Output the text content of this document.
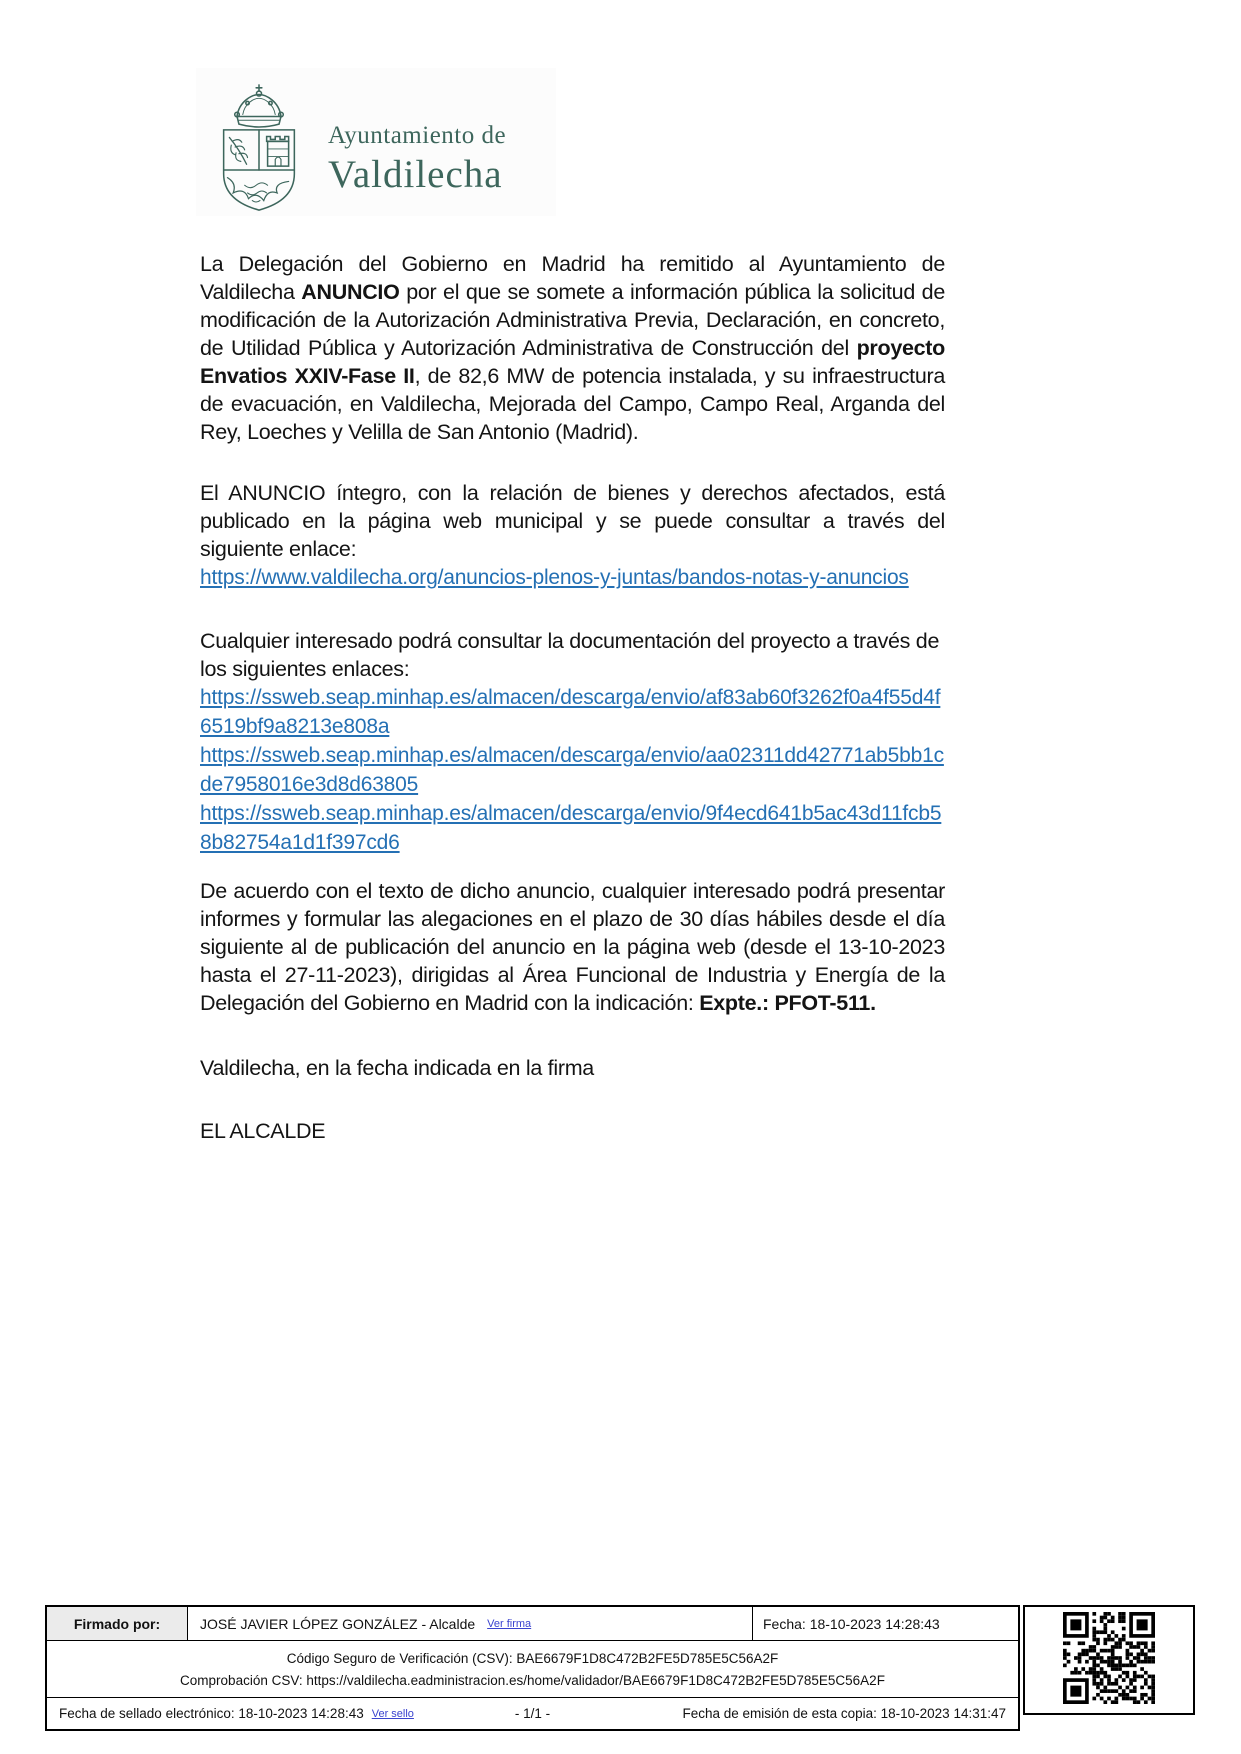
Ayuntamiento de
Valdilecha

La Delegación del Gobierno en Madrid ha remitido al Ayuntamiento de Valdilecha ANUNCIO por el que se somete a información pública la solicitud de modificación de la Autorización Administrativa Previa, Declaración, en concreto, de Utilidad Pública y Autorización Administrativa de Construcción del proyecto Envatios XXIV-Fase II, de 82,6 MW de potencia instalada, y su infraestructura de evacuación, en Valdilecha, Mejorada del Campo, Campo Real, Arganda del Rey, Loeches y Velilla de San Antonio (Madrid).

El ANUNCIO íntegro, con la relación de bienes y derechos afectados, está publicado en la página web municipal y se puede consultar a través del siguiente enlace:

https://www.valdilecha.org/anuncios-plenos-y-juntas/bandos-notas-y-anuncios

Cualquier interesado podrá consultar la documentación del proyecto a través de los siguientes enlaces:

https://ssweb.seap.minhap.es/almacen/descarga/envio/af83ab60f3262f0a4f55d4f6519bf9a8213e808a

https://ssweb.seap.minhap.es/almacen/descarga/envio/aa02311dd42771ab5bb1cde7958016e3d8d63805

https://ssweb.seap.minhap.es/almacen/descarga/envio/9f4ecd641b5ac43d11fcb58b82754a1d1f397cd6

De acuerdo con el texto de dicho anuncio, cualquier interesado podrá presentar informes y formular las alegaciones en el plazo de 30 días hábiles desde el día siguiente al de publicación del anuncio en la página web (desde el 13-10-2023 hasta el 27-11-2023), dirigidas al Área Funcional de Industria y Energía de la Delegación del Gobierno en Madrid con la indicación: Expte.: PFOT-511.

Valdilecha, en la fecha indicada en la firma

EL ALCALDE

Firmado por:	JOSÉ JAVIER LÓPEZ GONZÁLEZ - Alcalde Ver firma	Fecha: 18-10-2023 14:28:43
Código Seguro de Verificación (CSV): BAE6679F1D8C472B2FE5D785E5C56A2F
Comprobación CSV: https://valdilecha.eadministracion.es/home/validador/BAE6679F1D8C472B2FE5D785E5C56A2F
Fecha de sellado electrónico: 18-10-2023 14:28:43 Ver sello	- 1/1 -	Fecha de emisión de esta copia: 18-10-2023 14:31:47
